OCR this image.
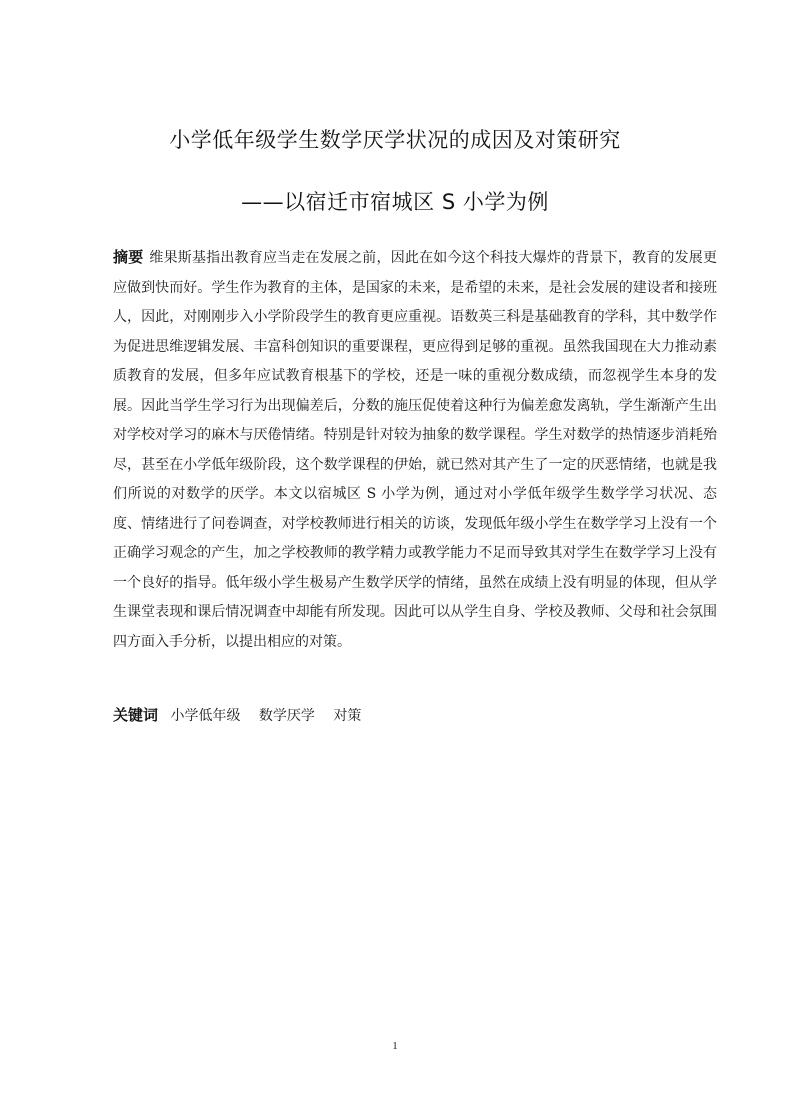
小学低年级学生数学厌学状况的成因及对策研究
——以宿迁市宿城区 S 小学为例
摘要 维果斯基指出教育应当走在发展之前，因此在如今这个科技大爆炸的背景下，教育的发展更应做到快而好。学生作为教育的主体，是国家的未来，是希望的未来，是社会发展的建设者和接班人，因此，对刚刚步入小学阶段学生的教育更应重视。语数英三科是基础教育的学科，其中数学作为促进思维逻辑发展、丰富科创知识的重要课程，更应得到足够的重视。虽然我国现在大力推动素质教育的发展，但多年应试教育根基下的学校，还是一味的重视分数成绩，而忽视学生本身的发展。因此当学生学习行为出现偏差后，分数的施压促使着这种行为偏差愈发离轨，学生渐渐产生出对学校对学习的麻木与厌倦情绪。特别是针对较为抽象的数学课程。学生对数学的热情逐步消耗殆尽，甚至在小学低年级阶段，这个数学课程的伊始，就已然对其产生了一定的厌恶情绪，也就是我们所说的对数学的厌学。本文以宿城区 S 小学为例，通过对小学低年级学生数学学习状况、态度、情绪进行了问卷调查，对学校教师进行相关的访谈，发现低年级小学生在数学学习上没有一个正确学习观念的产生，加之学校教师的教学精力或教学能力不足而导致其对学生在数学学习上没有一个良好的指导。低年级小学生极易产生数学厌学的情绪，虽然在成绩上没有明显的体现，但从学生课堂表现和课后情况调查中却能有所发现。因此可以从学生自身、学校及教师、父母和社会氛围四方面入手分析，以提出相应的对策。
关键词 小学低年级 数学厌学 对策
1
